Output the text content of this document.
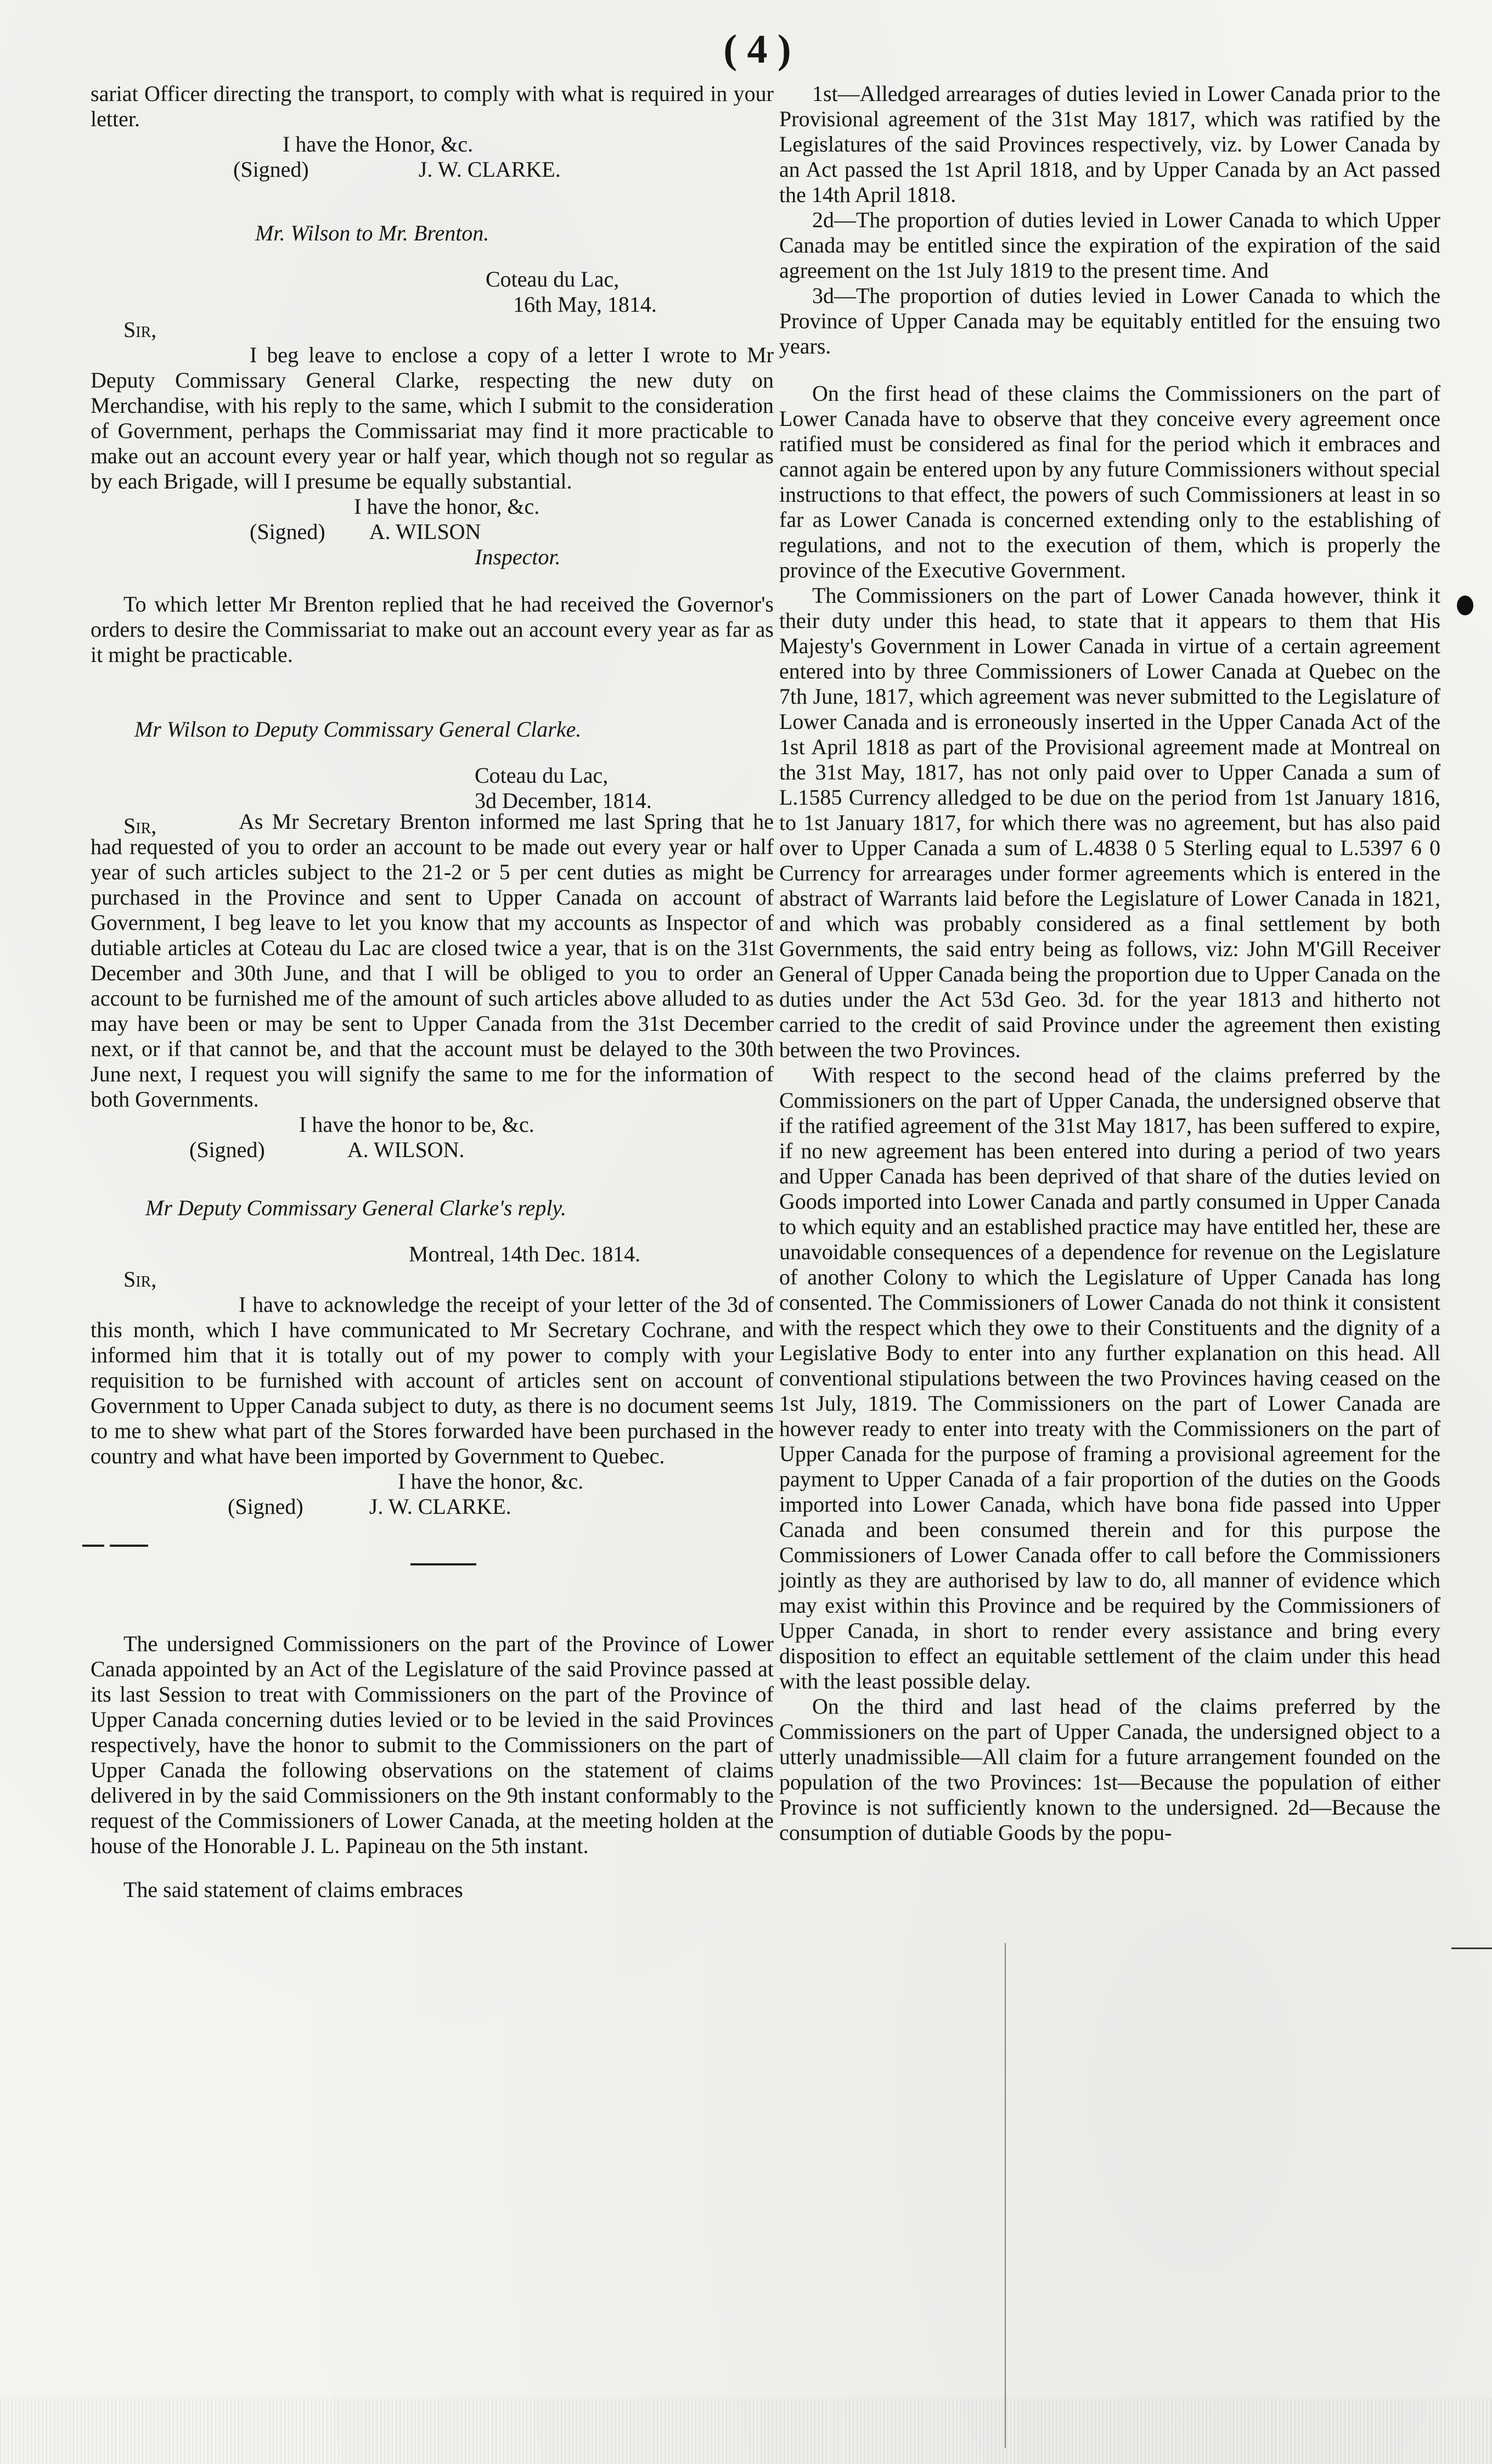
( 4 )

sariat Officer directing the transport, to comply with what is required in your letter.

I have the Honor, &c.

(Signed)	J. W. CLARKE.
Mr. Wilson to Mr. Brenton.

Coteau du Lac,

16th May, 1814.

Sir,

I beg leave to enclose a copy of a letter I wrote to Mr Deputy Commissary General Clarke, respecting the new duty on Merchandise, with his reply to the same, which I submit to the consideration of Government, perhaps the Commissariat may find it more practicable to make out an account every year or half year, which though not so regular as by each Brigade, will I presume be equally substantial.

I have the honor, &c.

(Signed) A. WILSON

Inspector.

To which letter Mr Brenton replied that he had received the Governor's orders to desire the Commissariat to make out an account every year as far as it might be practicable.

Mr Wilson to Deputy Commissary General Clarke.

Coteau du Lac,

3d December, 1814.

Sir,	As Mr Secretary Brenton informed me last Spring that he had requested of you to order an account to be made out every year or half year of such articles subject to the 21-2 or 5 per cent duties as might be purchased in the Province and sent to Upper Canada on account of Government, I beg leave to let you know that my accounts as Inspector of dutiable articles at Coteau du Lac are closed twice a year, that is on the 31st December and 30th June, and that I will be obliged to you to order an account to be furnished me of the amount of such articles above alluded to as may have been or may be sent to Upper Canada from the 31st December next, or if that cannot be, and that the account must be delayed to the 30th June next, I request you will signify the same to me for the information of both Governments.

I have the honor to be, &c.

(Signed)	A. WILSON.
Mr Deputy Commissary General Clarke's reply.

Montreal, 14th Dec. 1814.

Sir,

I have to acknowledge the receipt of your letter of the 3d of this month, which I have communicated to Mr Secretary Cochrane, and informed him that it is totally out of my power to comply with your requisition to be furnished with account of articles sent on account of Government to Upper Canada subject to duty, as there is no document seems to me to shew what part of the Stores forwarded have been purchased in the country and what have been imported by Government to Quebec.

I have the honor, &c.

(Signed)	J. W. CLARKE.

The undersigned Commissioners on the part of the Province of Lower Canada appointed by an Act of the Legislature of the said Province passed at its last Session to treat with Commissioners on the part of the Province of Upper Canada concerning duties levied or to be levied in the said Provinces respectively, have the honor to submit to the Commissioners on the part of Upper Canada the following observations on the statement of claims delivered in by the said Commissioners on the 9th instant conformably to the request of the Commissioners of Lower Canada, at the meeting holden at the house of the Honorable J. L. Papineau on the 5th instant.

The said statement of claims embraces

1st—Alledged arrearages of duties levied in Lower Canada prior to the Provisional agreement of the 31st May 1817, which was ratified by the Legislatures of the said Provinces respectively, viz. by Lower Canada by an Act passed the 1st April 1818, and by Upper Canada by an Act passed the 14th April 1818.

2d—The proportion of duties levied in Lower Canada to which Upper Canada may be entitled since the expiration of the expiration of the said agreement on the 1st July 1819 to the present time. And

3d—The proportion of duties levied in Lower Canada to which the Province of Upper Canada may be equitably entitled for the ensuing two years.

On the first head of these claims the Commissioners on the part of Lower Canada have to observe that they conceive every agreement once ratified must be considered as final for the period which it embraces and cannot again be entered upon by any future Commissioners without special instructions to that effect, the powers of such Commissioners at least in so far as Lower Canada is concerned extending only to the establishing of regulations, and not to the execution of them, which is properly the province of the Executive Government.

The Commissioners on the part of Lower Canada however, think it their duty under this head, to state that it appears to them that His Majesty's Government in Lower Canada in virtue of a certain agreement entered into by three Commissioners of Lower Canada at Quebec on the 7th June, 1817, which agreement was never submitted to the Legislature of Lower Canada and is erroneously inserted in the Upper Canada Act of the 1st April 1818 as part of the Provisional agreement made at Montreal on the 31st May, 1817, has not only paid over to Upper Canada a sum of L.1585 Currency alledged to be due on the period from 1st January 1816, to 1st January 1817, for which there was no agreement, but has also paid over to Upper Canada a sum of L.4838 0 5 Sterling equal to L.5397 6 0 Currency for arrearages under former agreements which is entered in the abstract of Warrants laid before the Legislature of Lower Canada in 1821, and which was probably considered as a final settlement by both Governments, the said entry being as follows, viz: John M'Gill Receiver General of Upper Canada being the proportion due to Upper Canada on the duties under the Act 53d Geo. 3d. for the year 1813 and hitherto not carried to the credit of said Province under the agreement then existing between the two Provinces.

With respect to the second head of the claims preferred by the Commissioners on the part of Upper Canada, the undersigned observe that if the ratified agreement of the 31st May 1817, has been suffered to expire, if no new agreement has been entered into during a period of two years and Upper Canada has been deprived of that share of the duties levied on Goods imported into Lower Canada and partly consumed in Upper Canada to which equity and an established practice may have entitled her, these are unavoidable consequences of a dependence for revenue on the Legislature of another Colony to which the Legislature of Upper Canada has long consented. The Commissioners of Lower Canada do not think it consistent with the respect which they owe to their Constituents and the dignity of a Legislative Body to enter into any further explanation on this head. All conventional stipulations between the two Provinces having ceased on the 1st July, 1819. The Commissioners on the part of Lower Canada are however ready to enter into treaty with the Commissioners on the part of Upper Canada for the purpose of framing a provisional agreement for the payment to Upper Canada of a fair proportion of the duties on the Goods imported into Lower Canada, which have bona fide passed into Upper Canada and been consumed therein and for this purpose the Commissioners of Lower Canada offer to call before the Commissioners jointly as they are authorised by law to do, all manner of evidence which may exist within this Province and be required by the Commissioners of Upper Canada, in short to render every assistance and bring every disposition to effect an equitable settlement of the claim under this head with the least possible delay.

On the third and last head of the claims preferred by the Commissioners on the part of Upper Canada, the undersigned object to a utterly unadmissible—All claim for a future arrangement founded on the population of the two Provinces: 1st—Because the population of either Province is not sufficiently known to the undersigned. 2d—Because the consumption of dutiable Goods by the popu-
